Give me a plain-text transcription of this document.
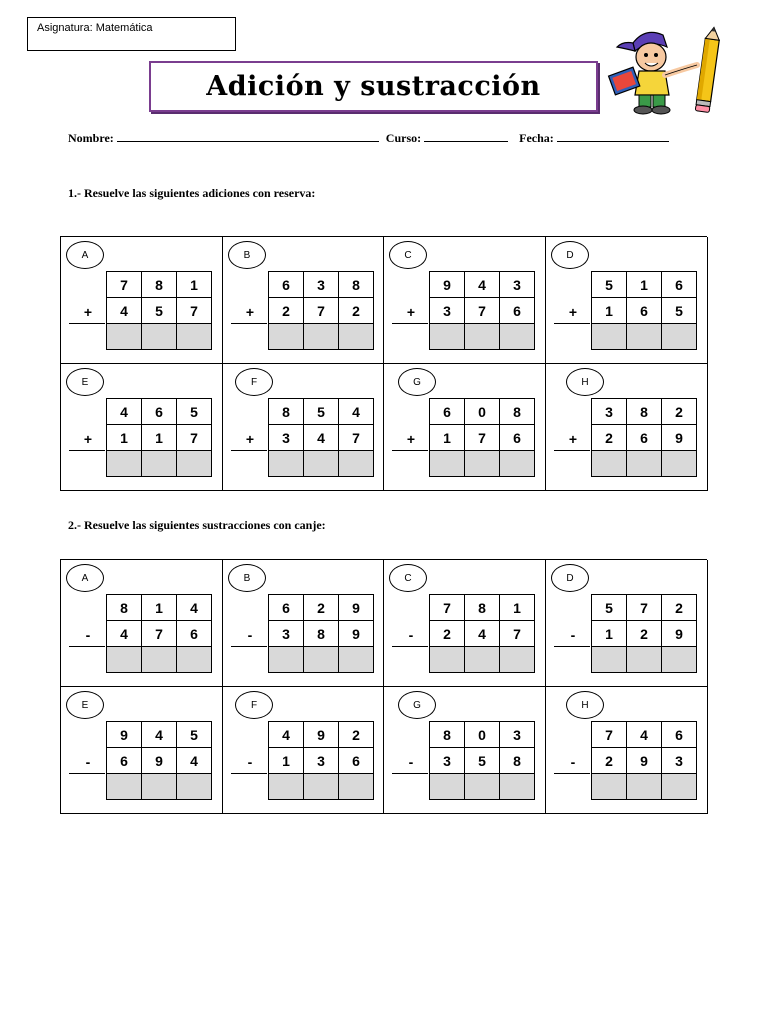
Asignatura: Matemática
Adición y sustracción
Nombre:	Curso:	Fecha:
1.- Resuelve las siguientes adiciones con reserva:
A
+
7	8	1
4	5	7
B
+
6	3	8
2	7	2
C
+
9	4	3
3	7	6
D
+
5	1	6
1	6	5
E
+
4	6	5
1	1	7
F
+
8	5	4
3	4	7
G
+
6	0	8
1	7	6
H
+
3	8	2
2	6	9
2.- Resuelve las siguientes sustracciones con canje:
A
-
8	1	4
4	7	6
B
-
6	2	9
3	8	9
C
-
7	8	1
2	4	7
D
-
5	7	2
1	2	9
E
-
9	4	5
6	9	4
F
-
4	9	2
1	3	6
G
-
8	0	3
3	5	8
H
-
7	4	6
2	9	3
